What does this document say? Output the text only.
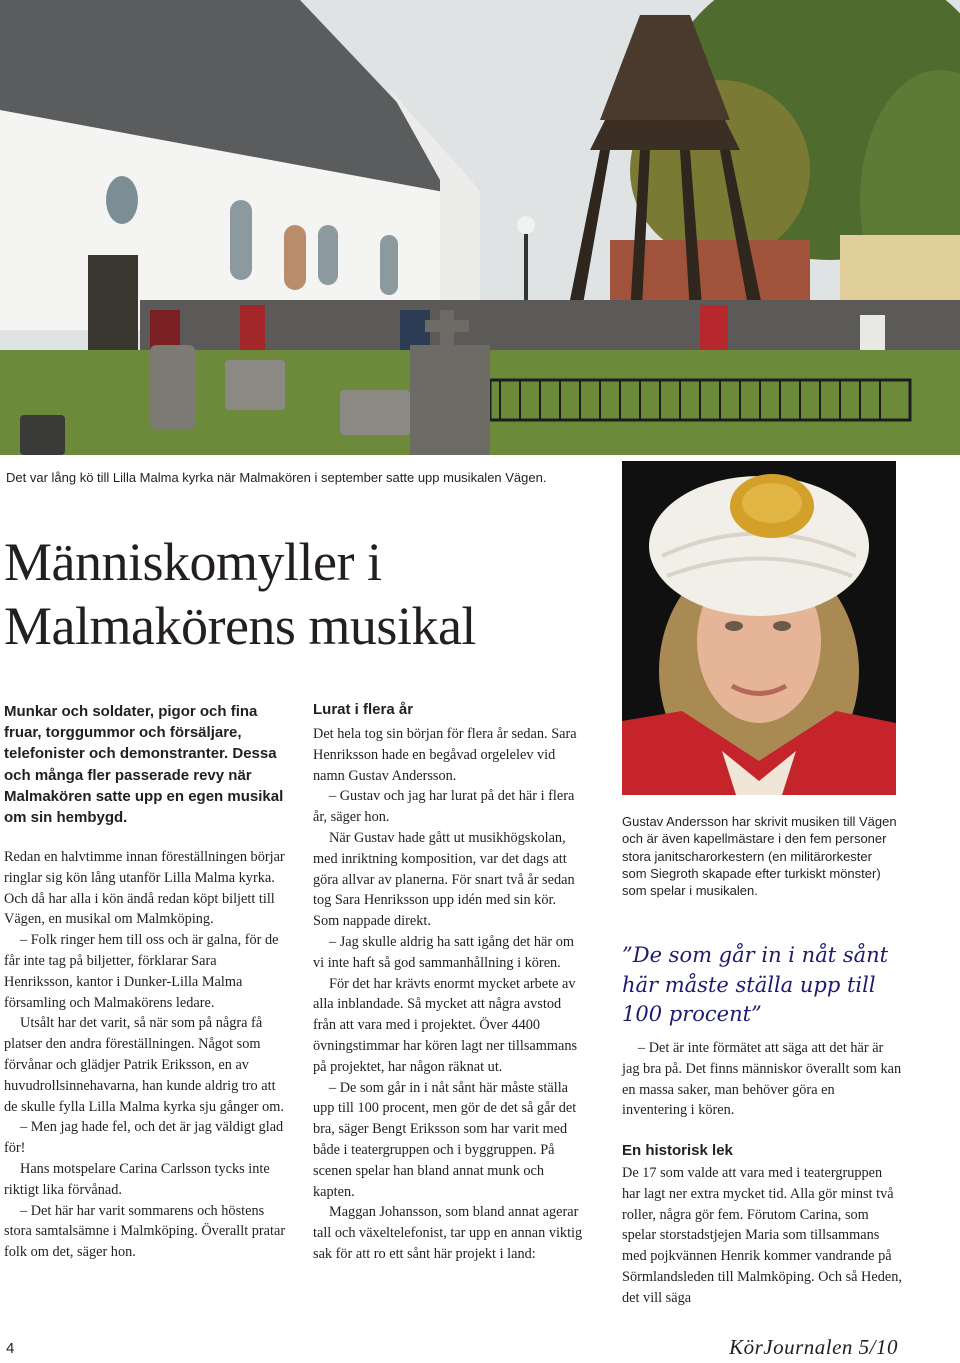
Det var lång kö till Lilla Malma kyrka när Malmakören i september satte upp musikalen Vägen.
Människomyller i
Malmakörens musikal
Gustav Andersson har skrivit musiken till Vägen och är även kapellmästare i den fem personer stora janitscharorkestern (en militärorkester som Siegroth skapade efter turkiskt mönster) som spelar i musikalen.
Munkar och soldater, pigor och fina fruar, torggummor och försäljare, telefonister och demonstranter. Dessa och många fler passerade revy när Malmakören satte upp en egen musikal om sin hembygd.

Redan en halvtimme innan föreställningen börjar ringlar sig kön lång utanför Lilla Malma kyrka. Och då har alla i kön ändå redan köpt biljett till Vägen, en musikal om Malmköping.

– Folk ringer hem till oss och är galna, för de får inte tag på biljetter, förklarar Sara Henriksson, kantor i Dunker-Lilla Malma församling och Malmakörens ledare.

Utsålt har det varit, så när som på några få platser den andra föreställningen. Något som förvånar och glädjer Patrik Eriksson, en av huvudrollsinnehavarna, han kunde aldrig tro att de skulle fylla Lilla Malma kyrka sju gånger om.

– Men jag hade fel, och det är jag väldigt glad för!

Hans motspelare Carina Carlsson tycks inte riktigt lika förvånad.

– Det här har varit sommarens och höstens stora samtalsämne i Malmköping. Överallt pratar folk om det, säger hon.

Lurat i flera år

Det hela tog sin början för flera år sedan. Sara Henriksson hade en begåvad orgelelev vid namn Gustav Andersson.

– Gustav och jag har lurat på det här i flera år, säger hon.

När Gustav hade gått ut musikhögskolan, med inriktning komposition, var det dags att göra allvar av planerna. För snart två år sedan tog Sara Henriksson upp idén med sin kör. Som nappade direkt.

– Jag skulle aldrig ha satt igång det här om vi inte haft så god sammanhållning i kören.

För det har krävts enormt mycket arbete av alla inblandade. Så mycket att några avstod från att vara med i projektet. Över 4400 övningstimmar har kören lagt ner tillsammans på projektet, har någon räknat ut.

– De som går in i nåt sånt här måste ställa upp till 100 procent, men gör de det så går det bra, säger Bengt Eriksson som har varit med både i teatergruppen och i byggruppen. På scenen spelar han bland annat munk och kapten.

Maggan Johansson, som bland annat agerar tall och växeltelefonist, tar upp en annan viktig sak för att ro ett sånt här projekt i land:

”De som går in i nåt sånt här måste ställa upp till 100 procent”

– Det är inte förmätet att säga att det här är jag bra på. Det finns människor överallt som kan en massa saker, man behöver göra en inventering i kören.

En historisk lek

De 17 som valde att vara med i teatergruppen har lagt ner extra mycket tid. Alla gör minst två roller, några gör fem. Förutom Carina, som spelar storstadstjejen Maria som tillsammans med pojkvännen Henrik kommer vandrande på Sörmlandsleden till Malmköping. Och så Heden, det vill säga

4	KörJournalen 5/10
